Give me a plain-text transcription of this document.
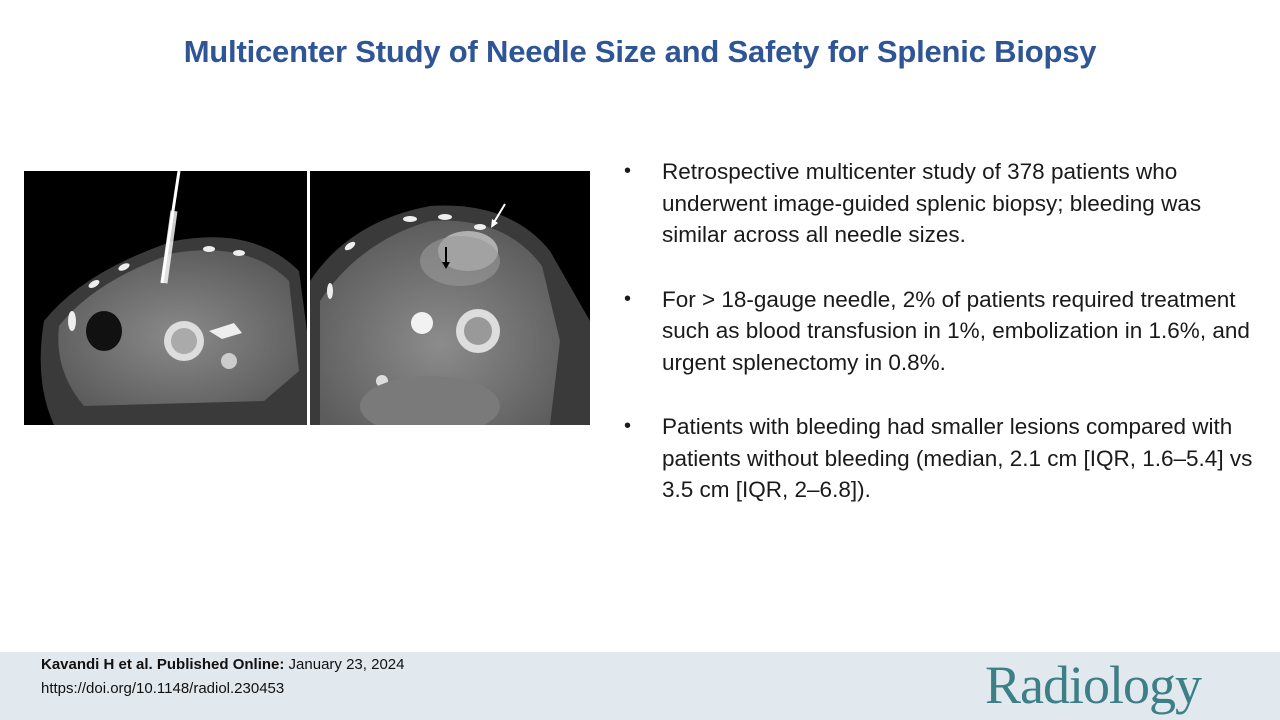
Multicenter Study of Needle Size and Safety for Splenic Biopsy
• Retrospective multicenter study of 378 patients who underwent image-guided splenic biopsy; bleeding was similar across all needle sizes.
• For > 18-gauge needle, 2% of patients required treatment such as blood transfusion in 1%, embolization in 1.6%, and urgent splenectomy in 0.8%.
• Patients with bleeding had smaller lesions compared with patients without bleeding (median, 2.1 cm [IQR, 1.6–5.4] vs 3.5 cm [IQR, 2–6.8]).
Kavandi H et al. Published Online: January 23, 2024
https://doi.org/10.1148/radiol.230453	Radiology
